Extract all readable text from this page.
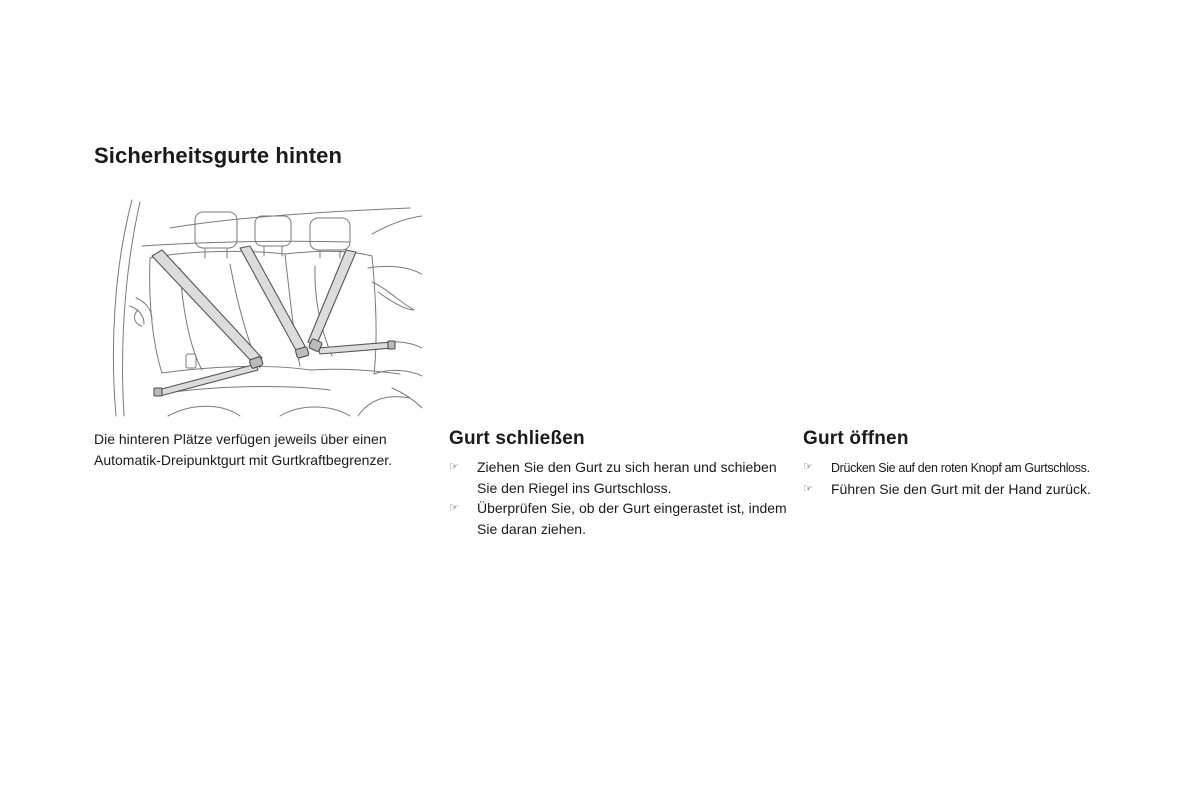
Sicherheitsgurte hinten

Die hinteren Plätze verfügen jeweils über einen Automatik-Dreipunktgurt mit Gurtkraftbegrenzer.

Gurt schließen
☞ Ziehen Sie den Gurt zu sich heran und schieben Sie den Riegel ins Gurtschloss.
☞ Überprüfen Sie, ob der Gurt eingerastet ist, indem Sie daran ziehen.
Gurt öffnen
☞ Drücken Sie auf den roten Knopf am Gurtschloss.
☞ Führen Sie den Gurt mit der Hand zurück.
